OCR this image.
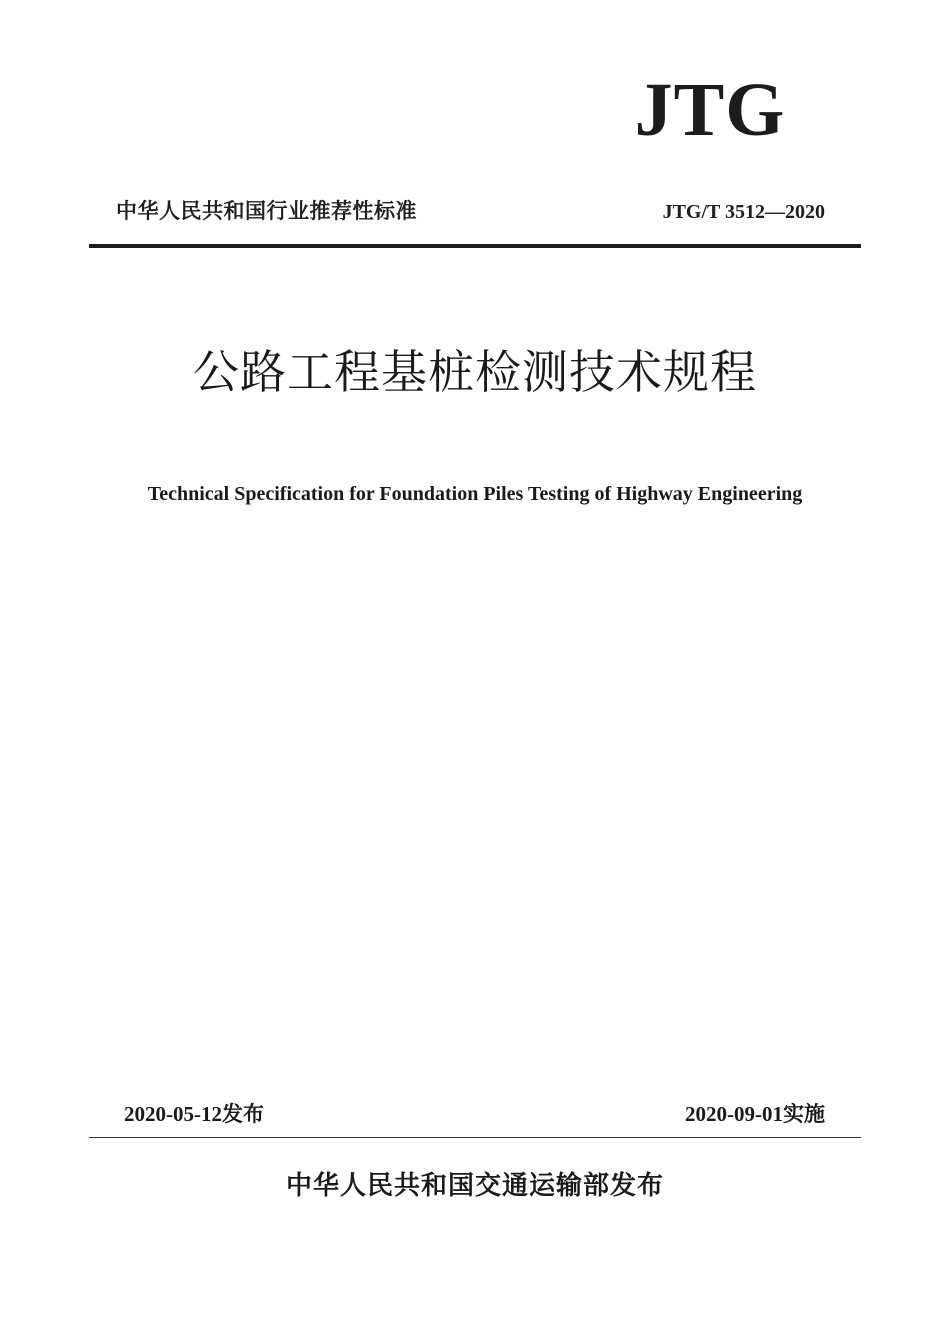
JTG
中华人民共和国行业推荐性标准	JTG/T 3512—2020
公路工程基桩检测技术规程
Technical Specification for Foundation Piles Testing of Highway Engineering
2020-05-12发布	2020-09-01实施
中华人民共和国交通运输部发布
